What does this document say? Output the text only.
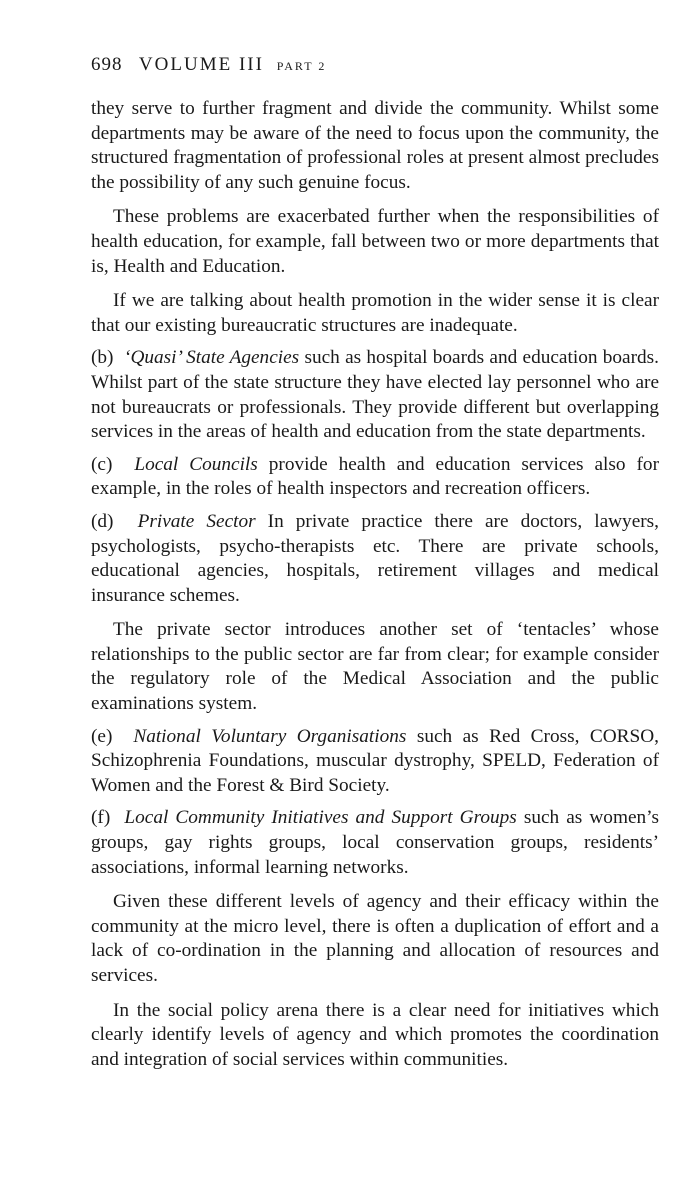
698 VOLUME III PART 2

they serve to further fragment and divide the community. Whilst some departments may be aware of the need to focus upon the community, the structured fragmentation of professional roles at present almost precludes the possibility of any such genuine focus.

These problems are exacerbated further when the responsibilities of health education, for example, fall between two or more departments that is, Health and Education.

If we are talking about health promotion in the wider sense it is clear that our existing bureaucratic structures are inadequate.

(b) ‘Quasi’ State Agencies such as hospital boards and education boards. Whilst part of the state structure they have elected lay personnel who are not bureaucrats or professionals. They provide different but overlapping services in the areas of health and education from the state departments.

(c) Local Councils provide health and education services also for example, in the roles of health inspectors and recreation officers.

(d) Private Sector In private practice there are doctors, lawyers, psychologists, psycho-therapists etc. There are private schools, educational agencies, hospitals, retirement villages and medical insurance schemes.

The private sector introduces another set of ‘tentacles’ whose relationships to the public sector are far from clear; for example consider the regulatory role of the Medical Association and the public examinations system.

(e) National Voluntary Organisations such as Red Cross, CORSO, Schizophrenia Foundations, muscular dystrophy, SPELD, Federation of Women and the Forest & Bird Society.

(f) Local Community Initiatives and Support Groups such as women’s groups, gay rights groups, local conservation groups, residents’ associations, informal learning networks.

Given these different levels of agency and their efficacy within the community at the micro level, there is often a duplication of effort and a lack of co-ordination in the planning and allocation of resources and services.

In the social policy arena there is a clear need for initiatives which clearly identify levels of agency and which promotes the coordination and integration of social services within communities.
